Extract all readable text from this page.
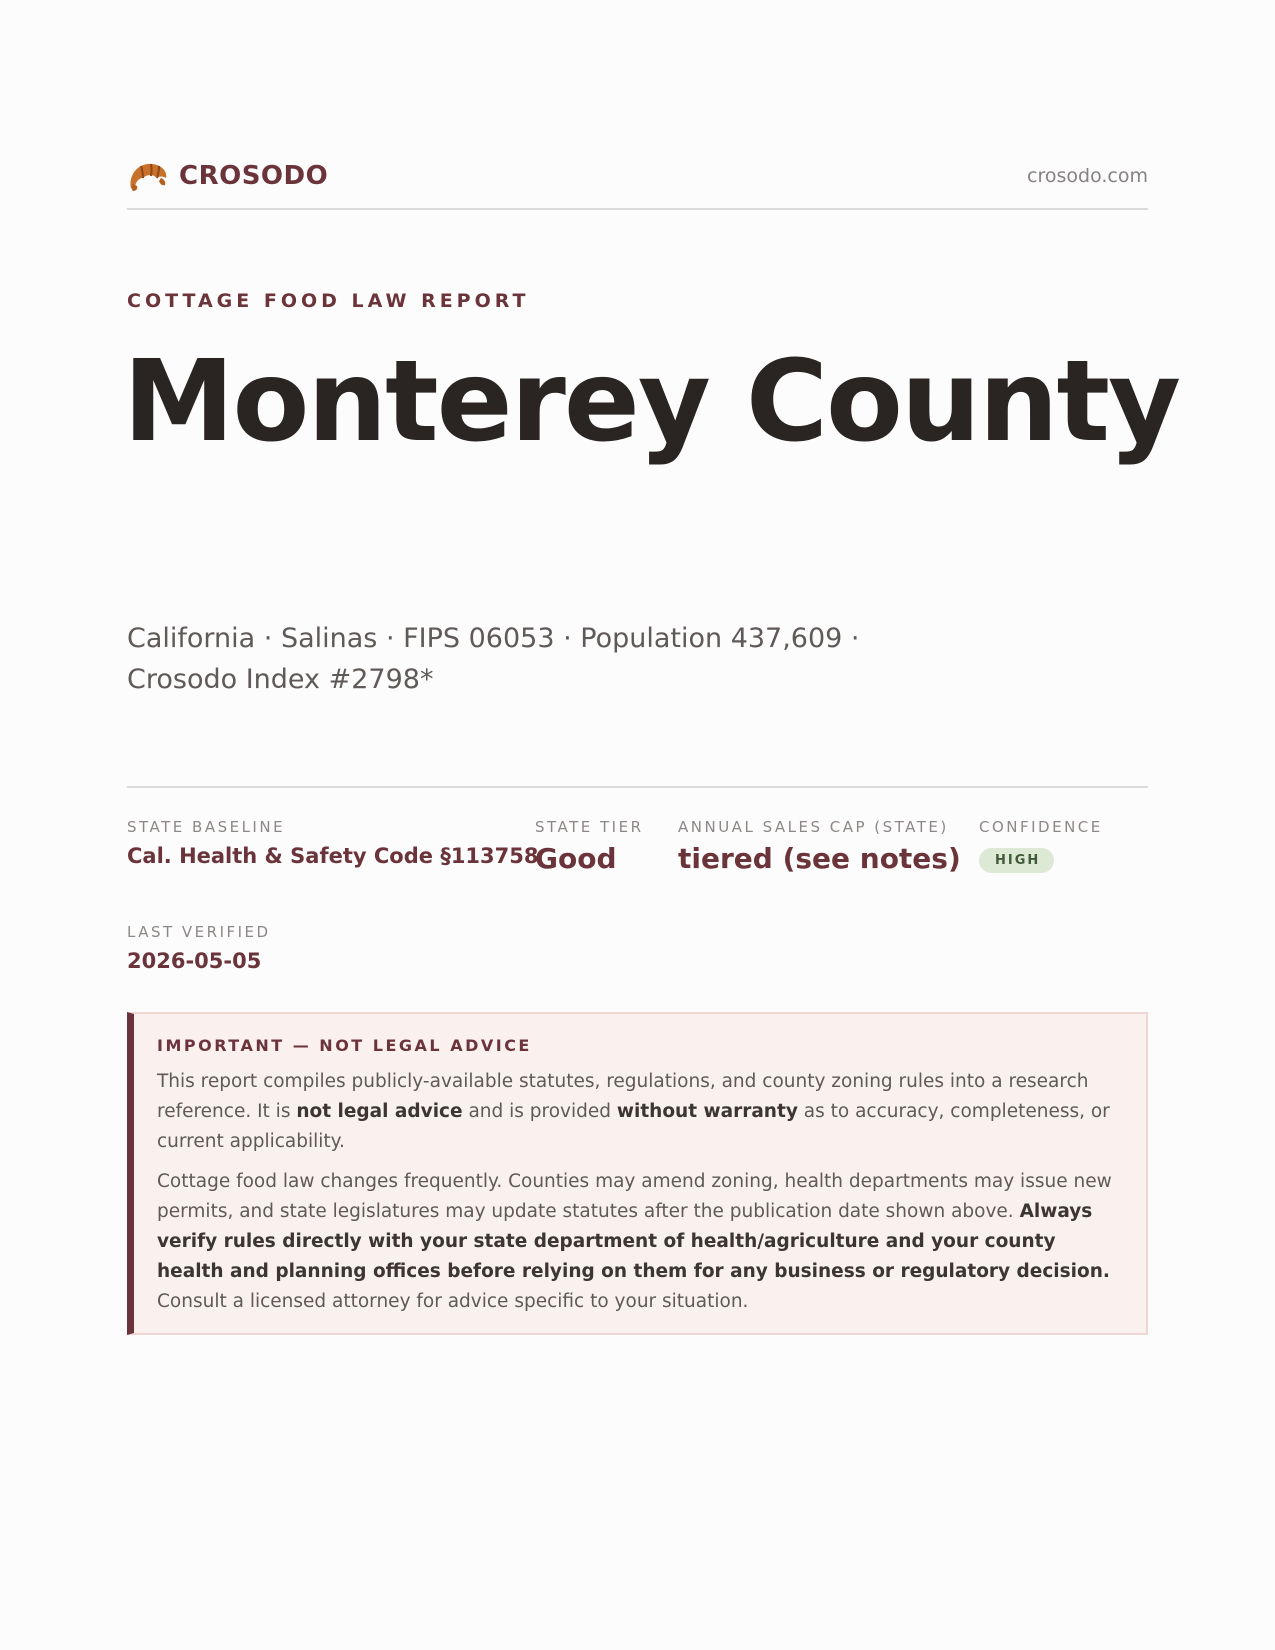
CROSODO	crosodo.com
COTTAGE FOOD LAW REPORT
Monterey County
California · Salinas · FIPS 06053 · Population 437,609 ·
Crosodo Index #2798*
STATE BASELINE
Cal. Health & Safety Code §113758
STATE TIER
Good
ANNUAL SALES CAP (STATE)
tiered (see notes)
CONFIDENCE
HIGH
LAST VERIFIED
2026-05-05
IMPORTANT — NOT LEGAL ADVICE

This report compiles publicly-available statutes, regulations, and county zoning rules into a research reference. It is not legal advice and is provided without warranty as to accuracy, completeness, or current applicability.

Cottage food law changes frequently. Counties may amend zoning, health departments may issue new permits, and state legislatures may update statutes after the publication date shown above. Always verify rules directly with your state department of health/agriculture and your county health and planning offices before relying on them for any business or regulatory decision. Consult a licensed attorney for advice specific to your situation.
